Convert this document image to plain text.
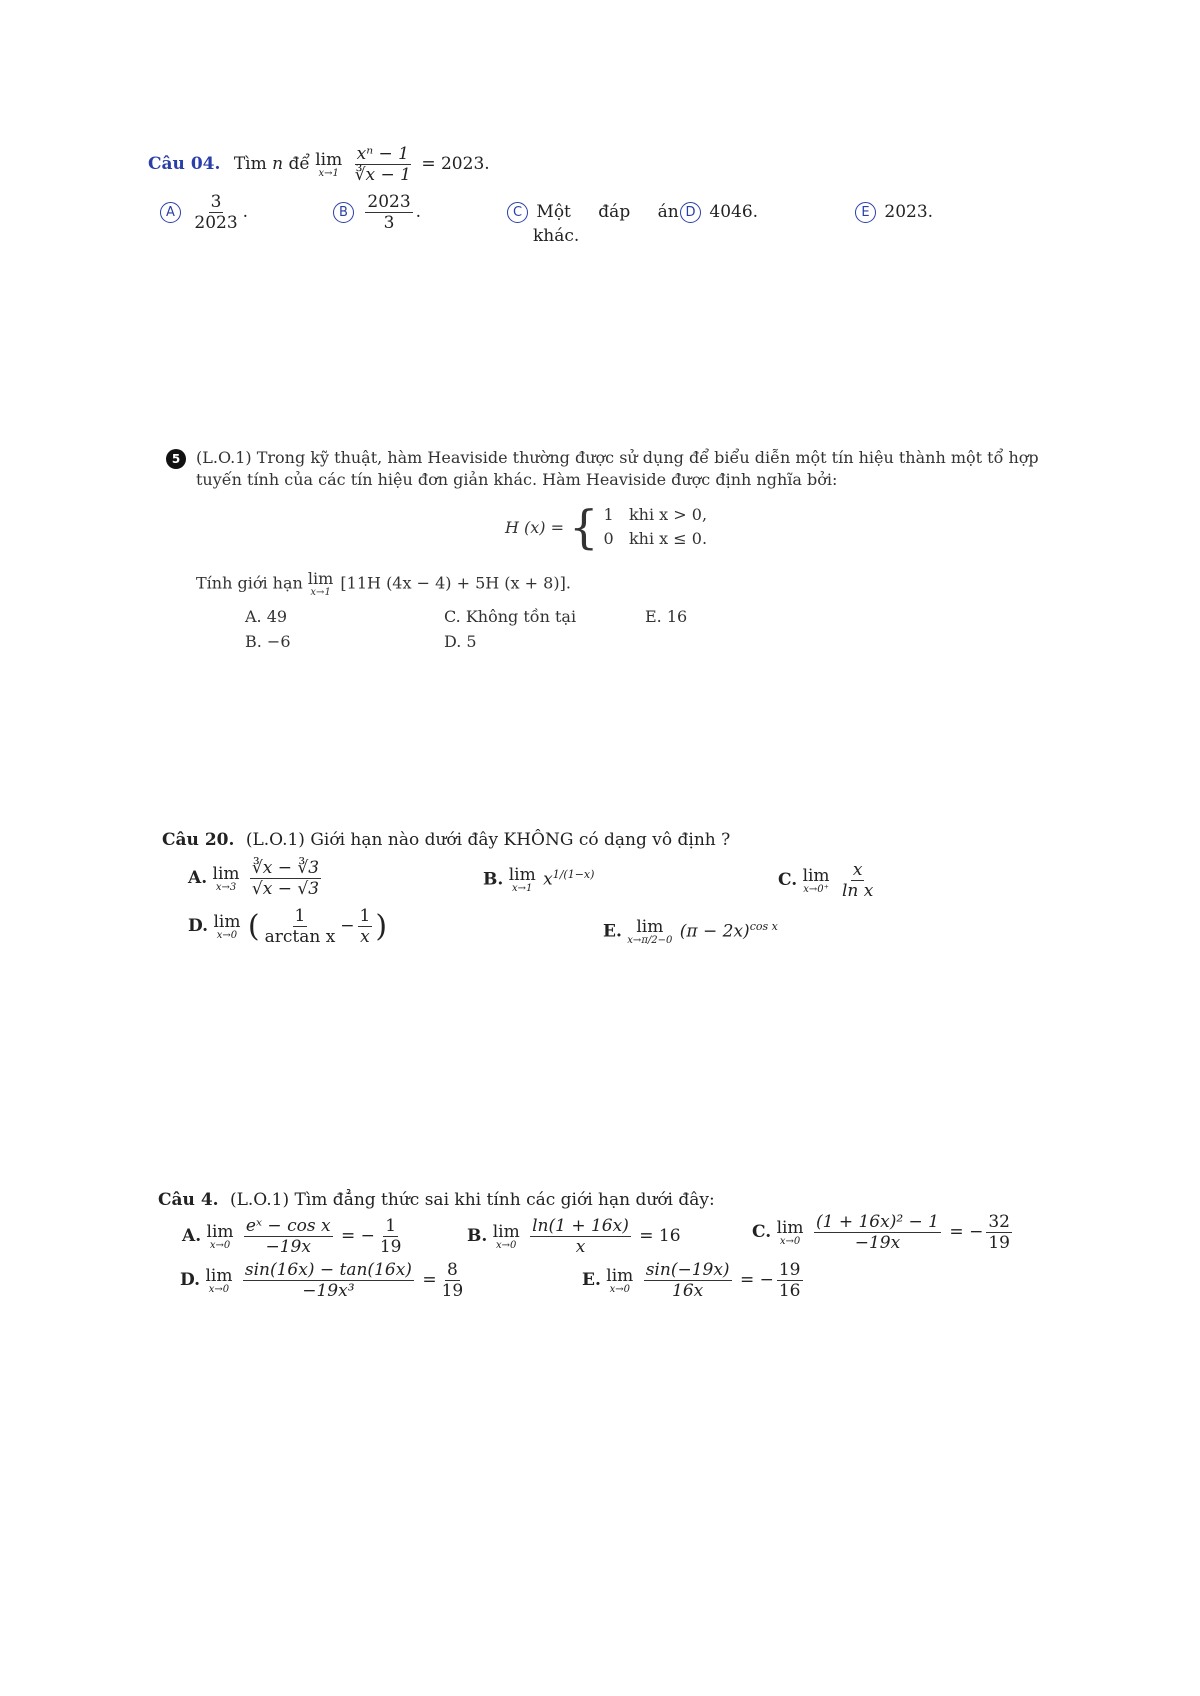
Câu 04. Tìm n để lim
x→1
$\frac{\text{xⁿ − 1}}{∛x - 1} = 2023$.
A $\frac{3}{2023}$ .	B $\frac{2023}{3}$ .	C Một đáp án
khác.
D 4046.	E 2023.
5 (L.O.1) Trong kỹ thuật, hàm Heaviside thường được sử dụng để biểu diễn một tín hiệu thành một tổ hợp
tuyến tính của các tín hiệu đơn giản khác. Hàm Heaviside được định nghĩa bởi:
H (x) = { 1 khi x > 0,
0 khi x ≤ 0.
Tính giới hạn lim
x→1 [11H (4x − 4) + 5H (x + 8)].
A. 49
B. −6
C. Không tồn tại
D. 5
E. 16
Câu 20. (L.O.1) Giới hạn nào dưới đây KHÔNG có dạng vô định ?
A. lim
x→3
$\frac{∛x - ∛3}{√x - √3}$	B. lim
x→1 $x^{1/(1-x)}$	C. lim
x→0⁺
$\frac{x}{\text{ln x}}$
D. lim
x→0 ( $\frac{1}{\text{arctan x}} - \frac{1}{x}$ )	E. lim
x→π/2−0 $(\pi - 2x)^{cos x}$
Câu 4. (L.O.1) Tìm đẳng thức sai khi tính các giới hạn dưới đây:
A. lim
x→0
$\frac{\text{eˣ − cos x}}{-19x}$ = − $\frac{1}{19}$	B. lim
x→0
$\frac{\ln(1 + 16x)}{x} = 16$	C. lim
x→0
$\frac{\text{(1 + 16x)² − 1}}{-19x}$ = − $\frac{32}{19}$
D. lim
x→0
$\frac{\sin(16x) - \tan(16x)}{\text{−19x³}} = \frac{8}{19}$	E. lim
x→0
$\frac{\sin(-19x)}{16x}$ = − $\frac{19}{16}$
